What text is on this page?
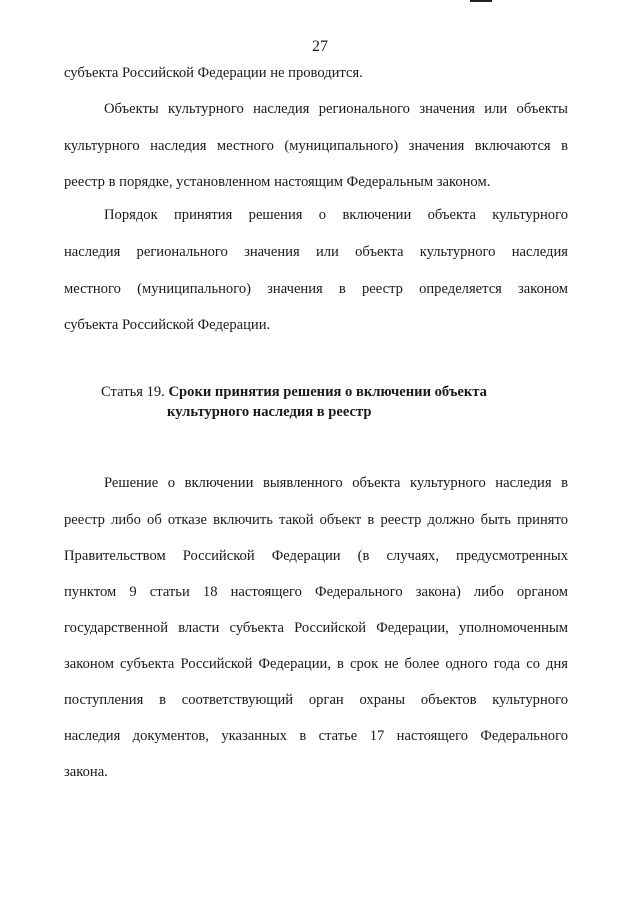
27
субъекта Российской Федерации не проводится.
Объекты культурного наследия регионального значения или объекты
культурного наследия местного (муниципального) значения включаются в
реестр в порядке, установленном настоящим Федеральным законом.
Порядок принятия решения о включении объекта культурного
наследия регионального значения или объекта культурного наследия
местного (муниципального) значения в реестр определяется законом
субъекта Российской Федерации.
Статья 19. Сроки принятия решения о включении объекта
культурного наследия в реестр
Решение о включении выявленного объекта культурного наследия в
реестр либо об отказе включить такой объект в реестр должно быть принято
Правительством Российской Федерации (в случаях, предусмотренных
пунктом 9 статьи 18 настоящего Федерального закона) либо органом
государственной власти субъекта Российской Федерации, уполномоченным
законом субъекта Российской Федерации, в срок не более одного года со дня
поступления в соответствующий орган охраны объектов культурного
наследия документов, указанных в статье 17 настоящего Федерального
закона.
